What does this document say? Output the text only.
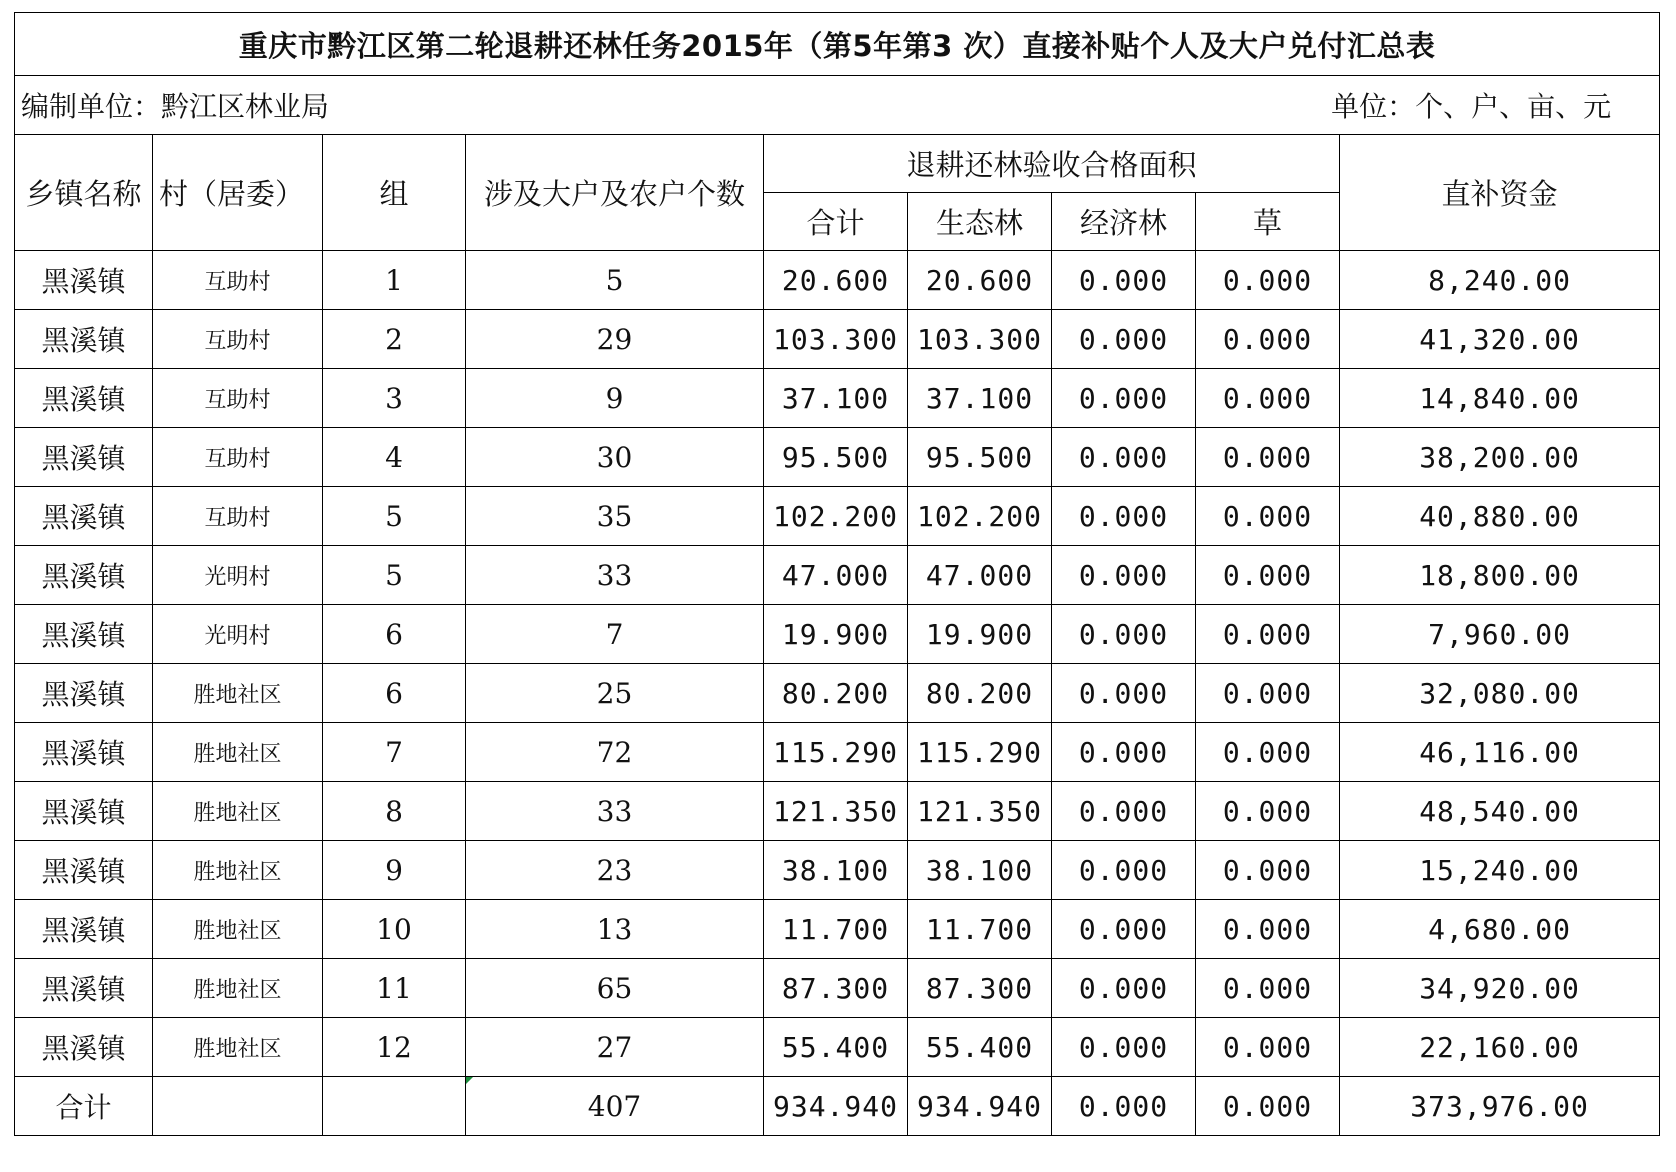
重庆市黔江区第二轮退耕还林任务2015年（第5年第3 次）直接补贴个人及大户兑付汇总表								

编制单位：黔江区林业局 单位：个、户、亩、元								

乡镇名称	村（居委）	组	涉及大户及农户个数	退耕还林验收合格面积				直补资金
				合计	生态林	经济林	草	
黑溪镇	互助村	1	5	20.600	20.600	0.000	0.000	8,240.00
黑溪镇	互助村	2	29	103.300	103.300	0.000	0.000	41,320.00
黑溪镇	互助村	3	9	37.100	37.100	0.000	0.000	14,840.00
黑溪镇	互助村	4	30	95.500	95.500	0.000	0.000	38,200.00
黑溪镇	互助村	5	35	102.200	102.200	0.000	0.000	40,880.00
黑溪镇	光明村	5	33	47.000	47.000	0.000	0.000	18,800.00
黑溪镇	光明村	6	7	19.900	19.900	0.000	0.000	7,960.00
黑溪镇	胜地社区	6	25	80.200	80.200	0.000	0.000	32,080.00
黑溪镇	胜地社区	7	72	115.290	115.290	0.000	0.000	46,116.00
黑溪镇	胜地社区	8	33	121.350	121.350	0.000	0.000	48,540.00
黑溪镇	胜地社区	9	23	38.100	38.100	0.000	0.000	15,240.00
黑溪镇	胜地社区	10	13	11.700	11.700	0.000	0.000	4,680.00
黑溪镇	胜地社区	11	65	87.300	87.300	0.000	0.000	34,920.00
黑溪镇	胜地社区	12	27	55.400	55.400	0.000	0.000	22,160.00
合计			407	934.940	934.940	0.000	0.000	373,976.00
